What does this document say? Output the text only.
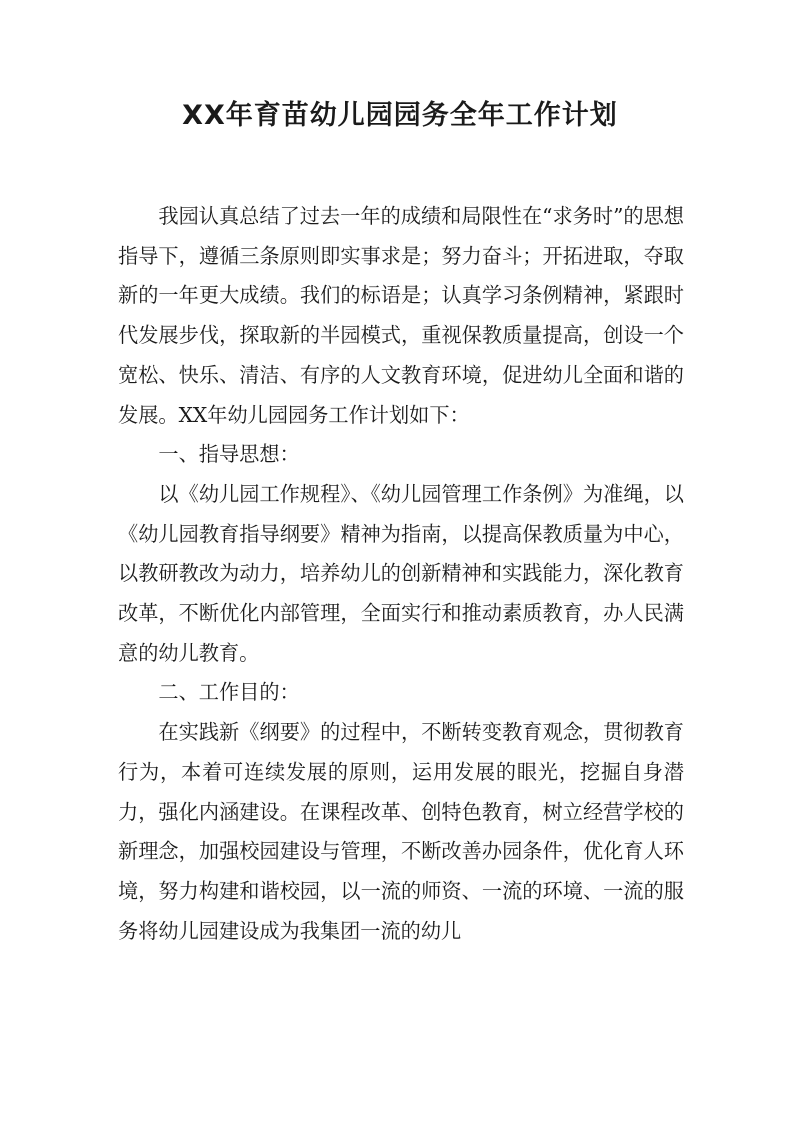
XX年育苗幼儿园园务全年工作计划

我园认真总结了过去一年的成绩和局限性在“求务时”的思想指导下，遵循三条原则即实事求是；努力奋斗；开拓进取，夺取新的一年更大成绩。我们的标语是；认真学习条例精神，紧跟时代发展步伐，探取新的半园模式，重视保教质量提高，创设一个宽松、快乐、清洁、有序的人文教育环境，促进幼儿全面和谐的发展。XX年幼儿园园务工作计划如下：

一、指导思想：

以《幼儿园工作规程》、《幼儿园管理工作条例》为准绳，以《幼儿园教育指导纲要》精神为指南，以提高保教质量为中心，以教研教改为动力，培养幼儿的创新精神和实践能力，深化教育改革，不断优化内部管理，全面实行和推动素质教育，办人民满意的幼儿教育。

二、工作目的：

在实践新《纲要》的过程中，不断转变教育观念，贯彻教育行为，本着可连续发展的原则，运用发展的眼光，挖掘自身潜力，强化内涵建设。在课程改革、创特色教育，树立经营学校的新理念，加强校园建设与管理，不断改善办园条件，优化育人环境，努力构建和谐校园，以一流的师资、一流的环境、一流的服务将幼儿园建设成为我集团一流的幼儿
